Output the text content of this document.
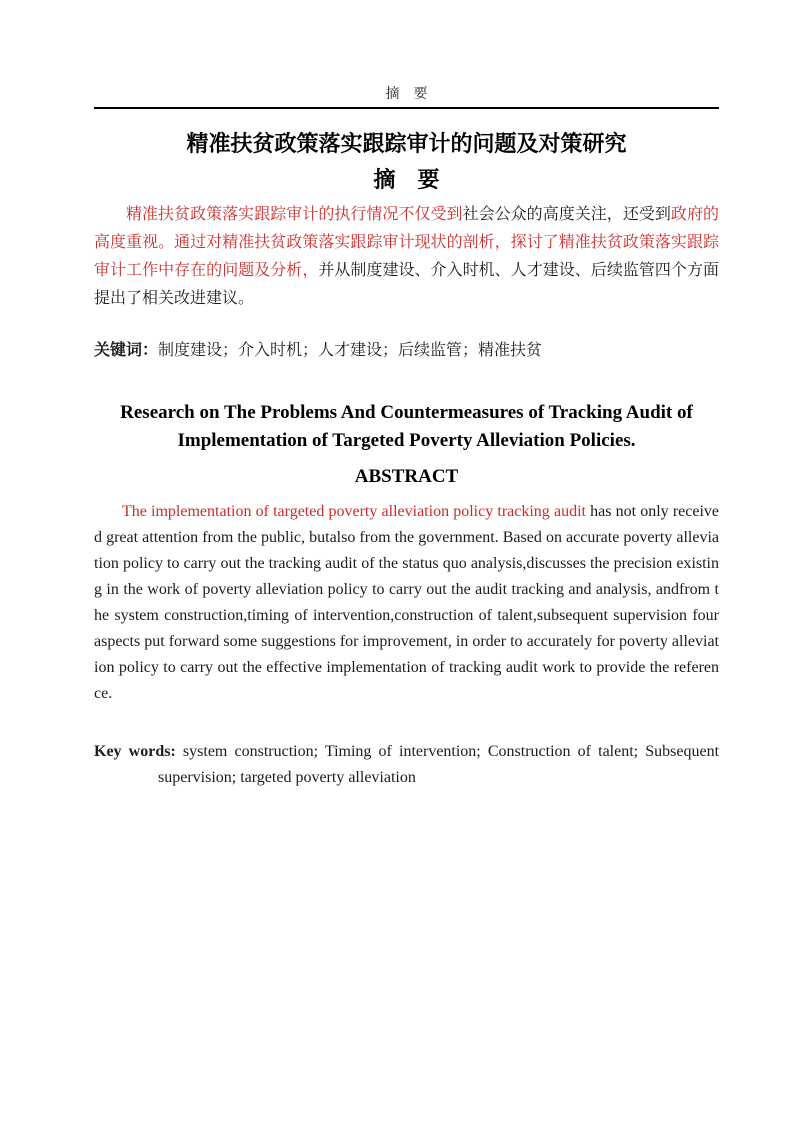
摘　要
精准扶贫政策落实跟踪审计的问题及对策研究
摘　要

精准扶贫政策落实跟踪审计的执行情况不仅受到社会公众的高度关注，还受到政府的高度重视。通过对精准扶贫政策落实跟踪审计现状的剖析，探讨了精准扶贫政策落实跟踪审计工作中存在的问题及分析，并从制度建设、介入时机、人才建设、后续监管四个方面提出了相关改进建议。

关键词：制度建设；介入时机；人才建设；后续监管；精准扶贫

Research on The Problems And Countermeasures of Tracking Audit of
Implementation of Targeted Poverty Alleviation Policies.
ABSTRACT

The implementation of targeted poverty alleviation policy tracking audit has not only received great attention from the public, butalso from the government. Based on accurate poverty alleviation policy to carry out the tracking audit of the status quo analysis,discusses the precision existing in the work of poverty alleviation policy to carry out the audit tracking and analysis, andfrom the system construction,timing of intervention,construction of talent,subsequent supervision four aspects put forward some suggestions for improvement, in order to accurately for poverty alleviation policy to carry out the effective implementation of tracking audit work to provide the reference.

Key words: system construction; Timing of intervention; Construction of talent; Subsequent supervision; targeted poverty alleviation
